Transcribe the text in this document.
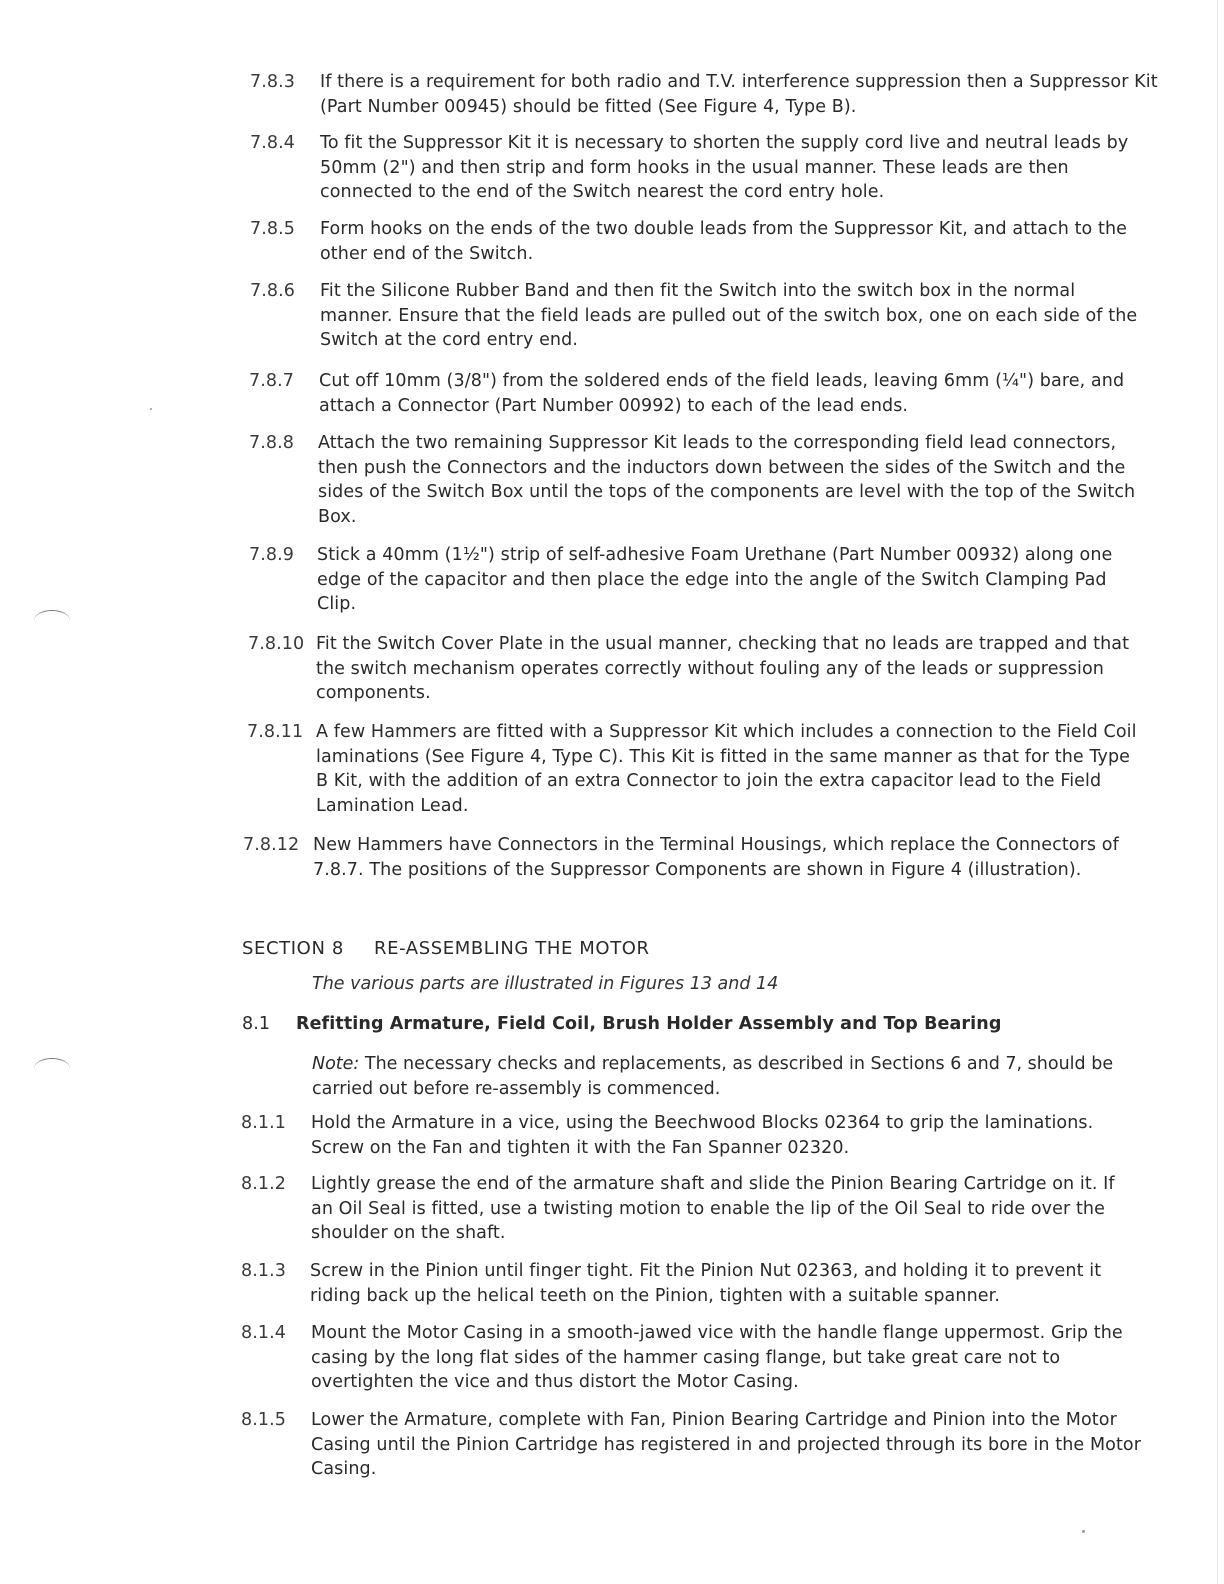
7.8.3 If there is a requirement for both radio and T.V. interference suppression then a Suppressor Kit (Part Number 00945) should be fitted (See Figure 4, Type B).
7.8.4 To fit the Suppressor Kit it is necessary to shorten the supply cord live and neutral leads by 50mm (2") and then strip and form hooks in the usual manner. These leads are then connected to the end of the Switch nearest the cord entry hole.
7.8.5 Form hooks on the ends of the two double leads from the Suppressor Kit, and attach to the other end of the Switch.
7.8.6 Fit the Silicone Rubber Band and then fit the Switch into the switch box in the normal manner. Ensure that the field leads are pulled out of the switch box, one on each side of the Switch at the cord entry end.
7.8.7 Cut off 10mm (3/8") from the soldered ends of the field leads, leaving 6mm (¼") bare, and attach a Connector (Part Number 00992) to each of the lead ends.
7.8.8 Attach the two remaining Suppressor Kit leads to the corresponding field lead connectors, then push the Connectors and the inductors down between the sides of the Switch and the sides of the Switch Box until the tops of the components are level with the top of the Switch Box.
7.8.9 Stick a 40mm (1½") strip of self-adhesive Foam Urethane (Part Number 00932) along one edge of the capacitor and then place the edge into the angle of the Switch Clamping Pad Clip.
7.8.10 Fit the Switch Cover Plate in the usual manner, checking that no leads are trapped and that the switch mechanism operates correctly without fouling any of the leads or suppression components.
7.8.11 A few Hammers are fitted with a Suppressor Kit which includes a connection to the Field Coil laminations (See Figure 4, Type C). This Kit is fitted in the same manner as that for the Type B Kit, with the addition of an extra Connector to join the extra capacitor lead to the Field Lamination Lead.
7.8.12 New Hammers have Connectors in the Terminal Housings, which replace the Connectors of 7.8.7. The positions of the Suppressor Components are shown in Figure 4 (illustration).
SECTION 8 RE-ASSEMBLING THE MOTOR
The various parts are illustrated in Figures 13 and 14
8.1 Refitting Armature, Field Coil, Brush Holder Assembly and Top Bearing
Note: The necessary checks and replacements, as described in Sections 6 and 7, should be carried out before re-assembly is commenced.
8.1.1 Hold the Armature in a vice, using the Beechwood Blocks 02364 to grip the laminations. Screw on the Fan and tighten it with the Fan Spanner 02320.
8.1.2 Lightly grease the end of the armature shaft and slide the Pinion Bearing Cartridge on it. If an Oil Seal is fitted, use a twisting motion to enable the lip of the Oil Seal to ride over the shoulder on the shaft.
8.1.3 Screw in the Pinion until finger tight. Fit the Pinion Nut 02363, and holding it to prevent it riding back up the helical teeth on the Pinion, tighten with a suitable spanner.
8.1.4 Mount the Motor Casing in a smooth-jawed vice with the handle flange uppermost. Grip the casing by the long flat sides of the hammer casing flange, but take great care not to overtighten the vice and thus distort the Motor Casing.
8.1.5 Lower the Armature, complete with Fan, Pinion Bearing Cartridge and Pinion into the Motor Casing until the Pinion Cartridge has registered in and projected through its bore in the Motor Casing.
